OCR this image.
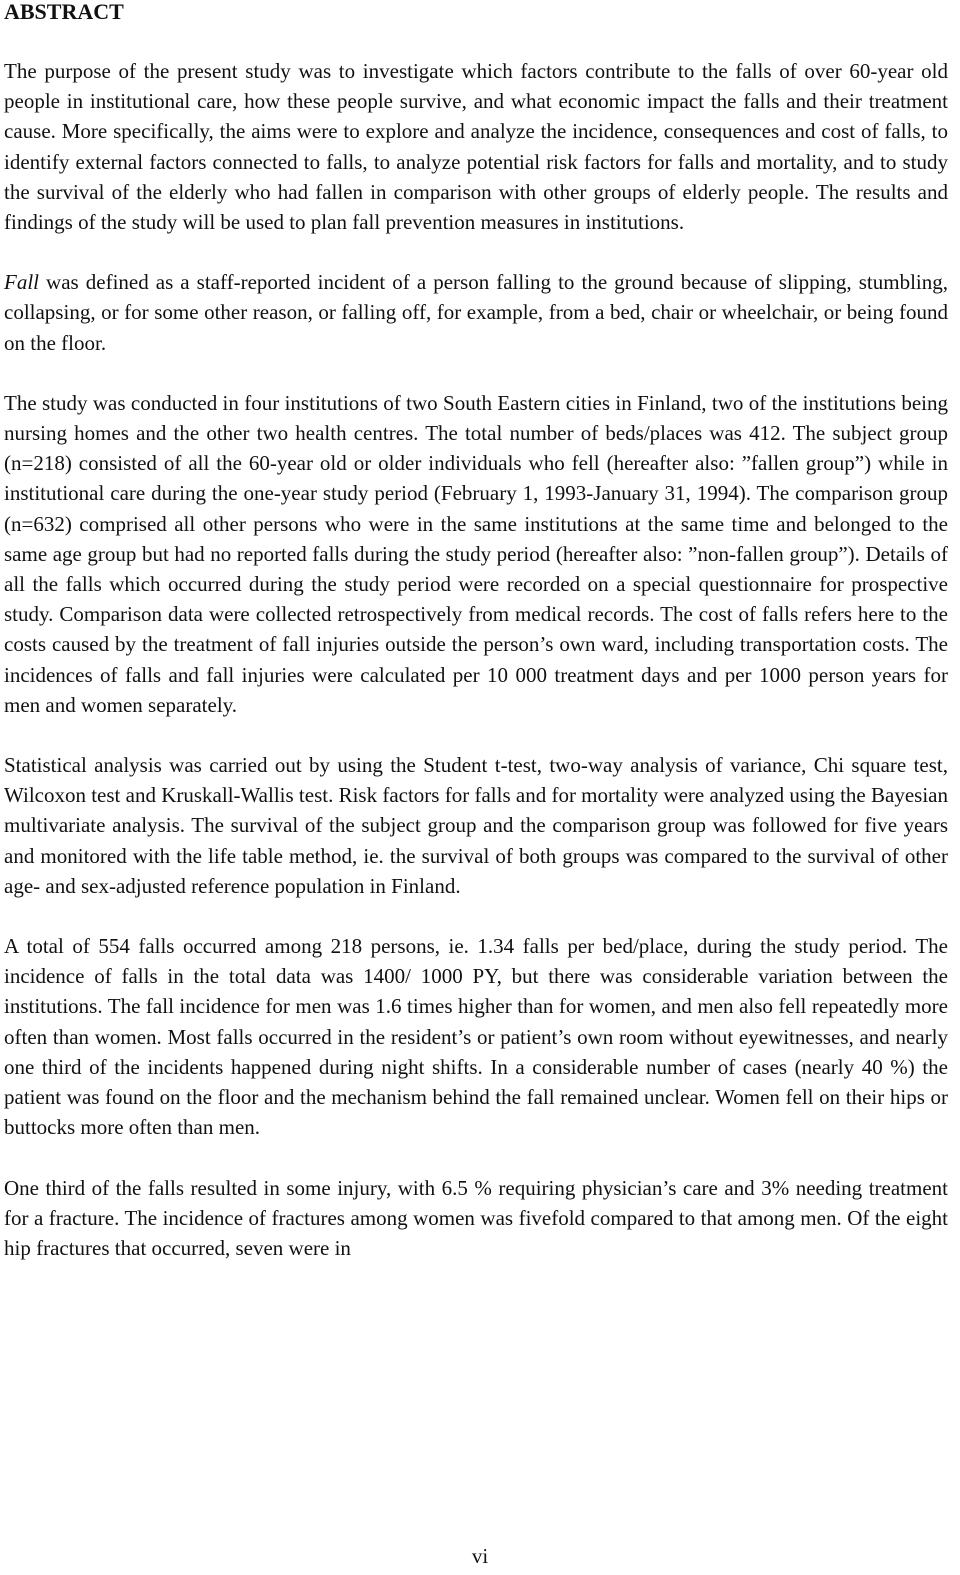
ABSTRACT

The purpose of the present study was to investigate which factors contribute to the falls of over 60-year old people in institutional care, how these people survive, and what economic impact the falls and their treatment cause. More specifically, the aims were to explore and analyze the incidence, consequences and cost of falls, to identify external factors connected to falls, to analyze potential risk factors for falls and mortality, and to study the survival of the elderly who had fallen in comparison with other groups of elderly people. The results and findings of the study will be used to plan fall prevention measures in institutions.

Fall was defined as a staff-reported incident of a person falling to the ground because of slipping, stumbling, collapsing, or for some other reason, or falling off, for example, from a bed, chair or wheelchair, or being found on the floor.

The study was conducted in four institutions of two South Eastern cities in Finland, two of the institutions being nursing homes and the other two health centres. The total number of beds/places was 412. The subject group (n=218) consisted of all the 60-year old or older individuals who fell (hereafter also: ”fallen group”) while in institutional care during the one-year study period (February 1, 1993-January 31, 1994). The comparison group (n=632) comprised all other persons who were in the same institutions at the same time and belonged to the same age group but had no reported falls during the study period (hereafter also: ”non-fallen group”). Details of all the falls which occurred during the study period were recorded on a special questionnaire for prospective study. Comparison data were collected retrospectively from medical records. The cost of falls refers here to the costs caused by the treatment of fall injuries outside the person’s own ward, including transportation costs. The incidences of falls and fall injuries were calculated per 10 000 treatment days and per 1000 person years for men and women separately.

Statistical analysis was carried out by using the Student t-test, two-way analysis of variance, Chi square test, Wilcoxon test and Kruskall-Wallis test. Risk factors for falls and for mortality were analyzed using the Bayesian multivariate analysis. The survival of the subject group and the comparison group was followed for five years and monitored with the life table method, ie. the survival of both groups was compared to the survival of other age- and sex-adjusted reference population in Finland.

A total of 554 falls occurred among 218 persons, ie. 1.34 falls per bed/place, during the study period. The incidence of falls in the total data was 1400/ 1000 PY, but there was considerable variation between the institutions. The fall incidence for men was 1.6 times higher than for women, and men also fell repeatedly more often than women. Most falls occurred in the resident’s or patient’s own room without eyewitnesses, and nearly one third of the incidents happened during night shifts. In a considerable number of cases (nearly 40 %) the patient was found on the floor and the mechanism behind the fall remained unclear. Women fell on their hips or buttocks more often than men.

One third of the falls resulted in some injury, with 6.5 % requiring physician’s care and 3% needing treatment for a fracture. The incidence of fractures among women was fivefold compared to that among men. Of the eight hip fractures that occurred, seven were in

vi
